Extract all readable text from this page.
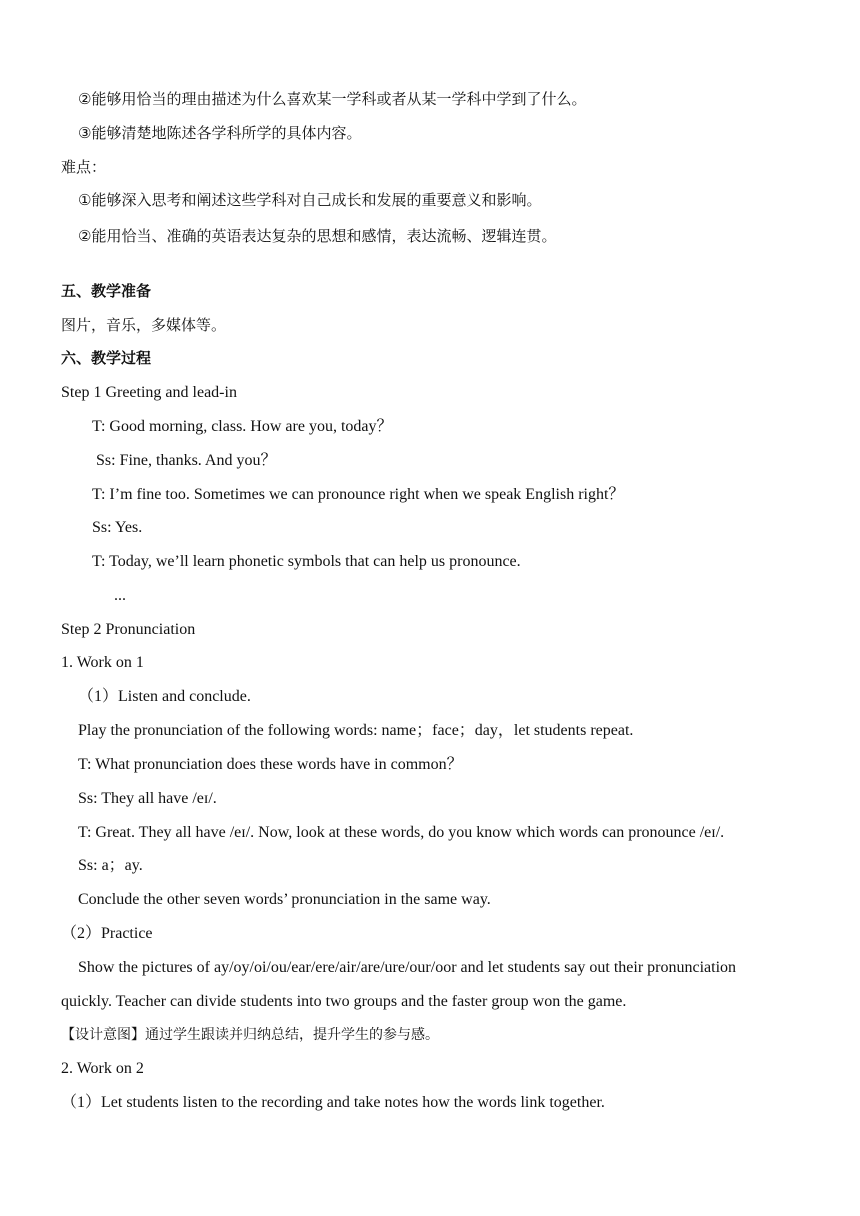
②能够用恰当的理由描述为什么喜欢某一学科或者从某一学科中学到了什么。
③能够清楚地陈述各学科所学的具体内容。
难点：
①能够深入思考和阐述这些学科对自己成长和发展的重要意义和影响。
②能用恰当、准确的英语表达复杂的思想和感情，表达流畅、逻辑连贯。
五、教学准备
图片，音乐，多媒体等。
六、教学过程
Step 1 Greeting and lead-in
T: Good morning, class. How are you, today？
Ss: Fine, thanks. And you？
T: I’m fine too. Sometimes we can pronounce right when we speak English right？
Ss: Yes.
T: Today, we’ll learn phonetic symbols that can help us pronounce.
...
Step 2 Pronunciation
1. Work on 1
（1）Listen and conclude.
Play the pronunciation of the following words: name；face；day，let students repeat.
T: What pronunciation does these words have in common？
Ss: They all have /eɪ/.
T: Great. They all have /eɪ/. Now, look at these words, do you know which words can pronounce /eɪ/.
Ss: a；ay.
Conclude the other seven words’ pronunciation in the same way.
（2）Practice
Show the pictures of ay/oy/oi/ou/ear/ere/air/are/ure/our/oor and let students say out their pronunciation
quickly. Teacher can divide students into two groups and the faster group won the game.
【设计意图】通过学生跟读并归纳总结，提升学生的参与感。
2. Work on 2
（1）Let students listen to the recording and take notes how the words link together.
